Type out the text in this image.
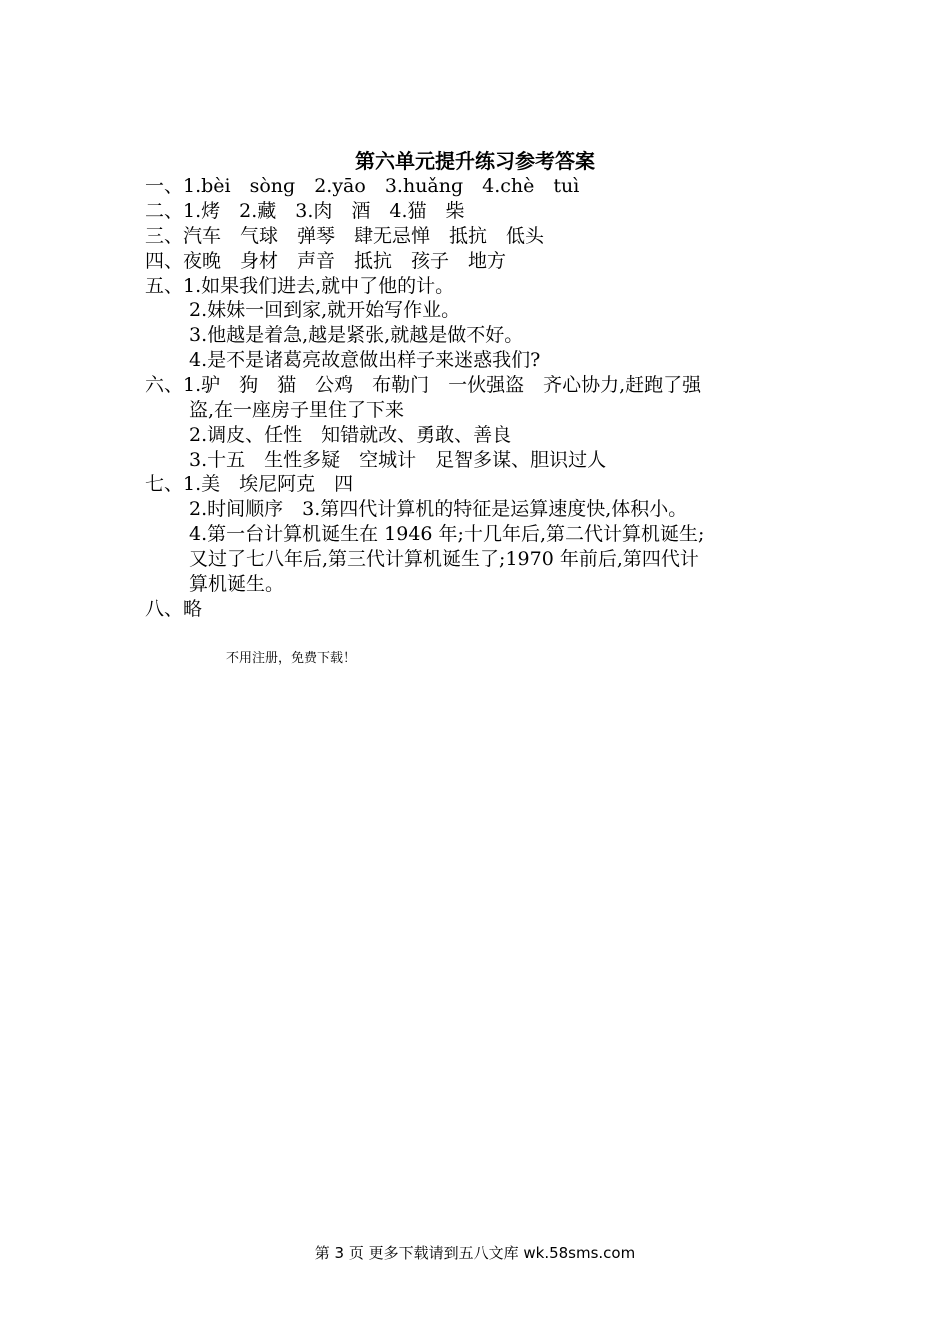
第六单元提升练习参考答案
一、1.bèi　sònɡ　2.yāo　3.huǎnɡ　4.chè　tuì
二、1.烤　2.藏　3.肉　酒　4.猫　柴
三、汽车　气球　弹琴　肆无忌惮　抵抗　低头
四、夜晚　身材　声音　抵抗　孩子　地方
五、1.如果我们进去,就中了他的计。
2.妹妹一回到家,就开始写作业。
3.他越是着急,越是紧张,就越是做不好。
4.是不是诸葛亮故意做出样子来迷惑我们?
六、1.驴　狗　猫　公鸡　布勒门　一伙强盗　齐心协力,赶跑了强
盗,在一座房子里住了下来
2.调皮、任性　知错就改、勇敢、善良
3.十五　生性多疑　空城计　足智多谋、胆识过人
七、1.美　埃尼阿克　四
2.时间顺序　3.第四代计算机的特征是运算速度快,体积小。
4.第一台计算机诞生在 1946 年;十几年后,第二代计算机诞生;
又过了七八年后,第三代计算机诞生了;1970 年前后,第四代计
算机诞生。
八、略
不用注册，免费下载！
第 3 页 更多下载请到五八文库 wk.58sms.com
